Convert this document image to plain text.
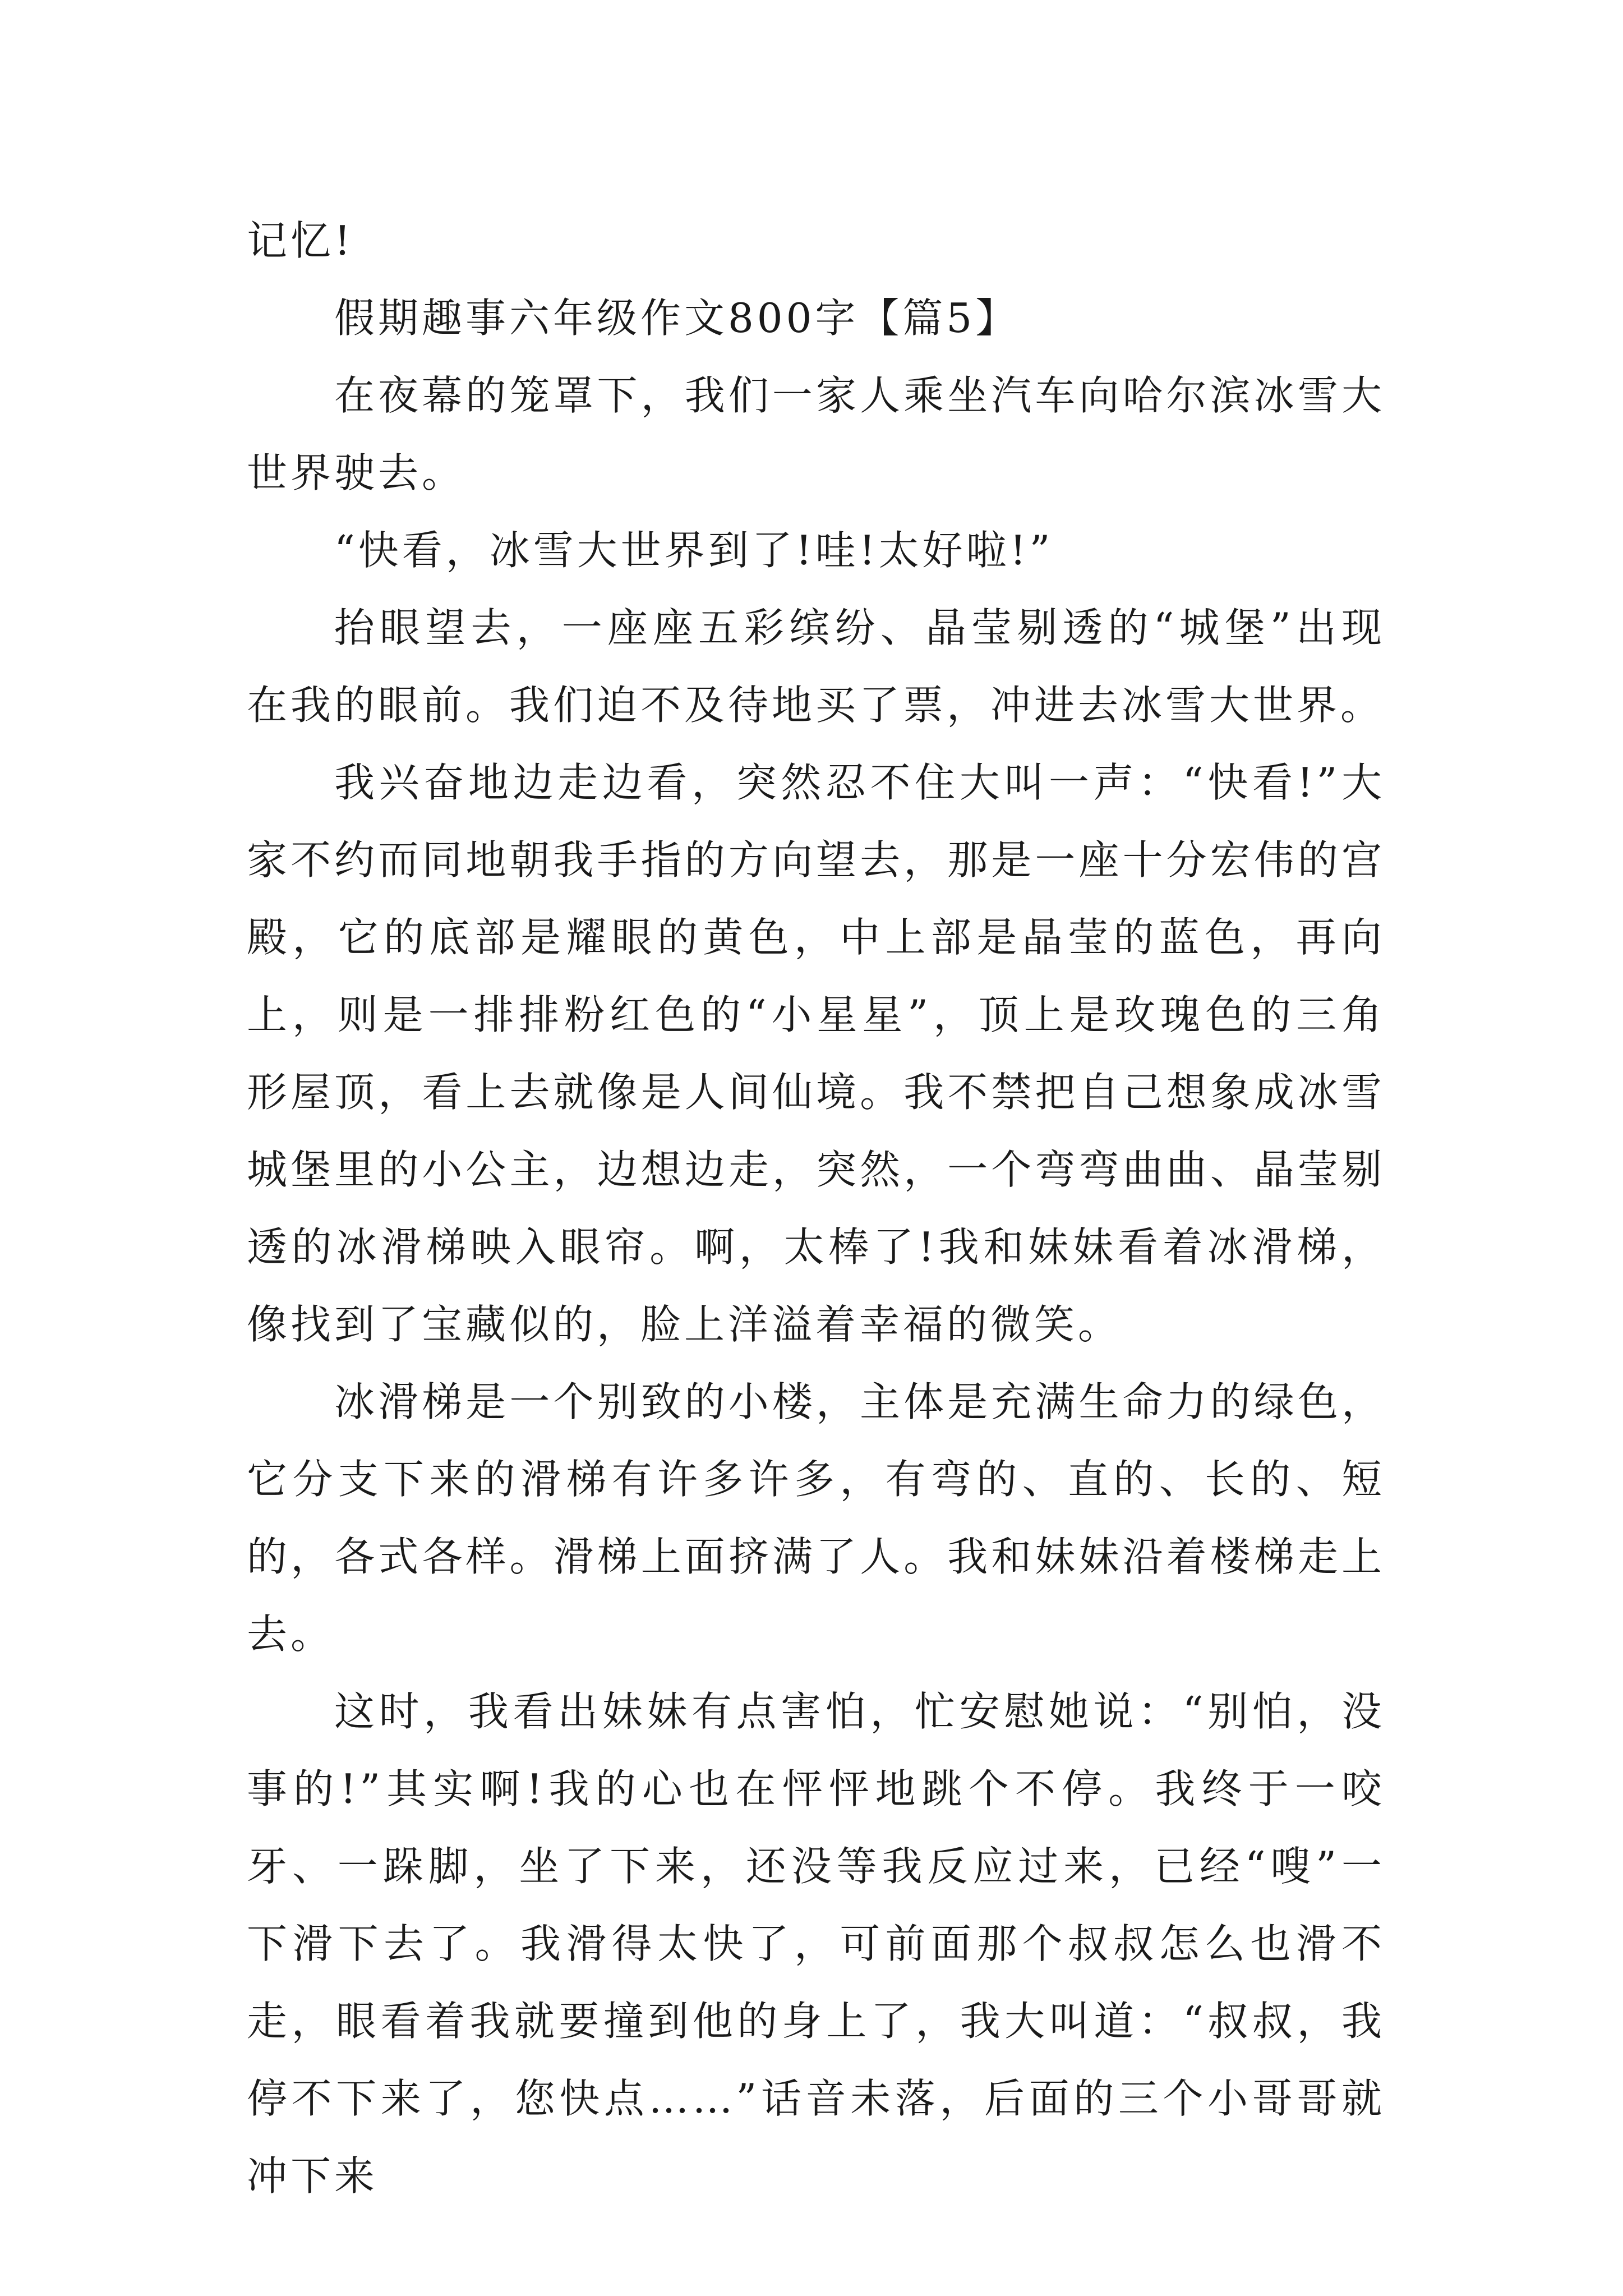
记忆!

假期趣事六年级作文800字【篇5】

在夜幕的笼罩下，我们一家人乘坐汽车向哈尔滨冰雪大世界驶去。

“快看，冰雪大世界到了!哇!太好啦!”

抬眼望去，一座座五彩缤纷、晶莹剔透的“城堡”出现在我的眼前。我们迫不及待地买了票，冲进去冰雪大世界。

我兴奋地边走边看，突然忍不住大叫一声：“快看!”大家不约而同地朝我手指的方向望去，那是一座十分宏伟的宫殿，它的底部是耀眼的黄色，中上部是晶莹的蓝色，再向上，则是一排排粉红色的“小星星”，顶上是玫瑰色的三角形屋顶，看上去就像是人间仙境。我不禁把自己想象成冰雪城堡里的小公主，边想边走，突然，一个弯弯曲曲、晶莹剔透的冰滑梯映入眼帘。啊，太棒了!我和妹妹看着冰滑梯，像找到了宝藏似的，脸上洋溢着幸福的微笑。

冰滑梯是一个别致的小楼，主体是充满生命力的绿色，它分支下来的滑梯有许多许多，有弯的、直的、长的、短的，各式各样。滑梯上面挤满了人。我和妹妹沿着楼梯走上去。

这时，我看出妹妹有点害怕，忙安慰她说：“别怕，没事的!”其实啊!我的心也在怦怦地跳个不停。我终于一咬牙、一跺脚，坐了下来，还没等我反应过来，已经“嗖”一下滑下去了。我滑得太快了，可前面那个叔叔怎么也滑不走，眼看着我就要撞到他的身上了，我大叫道：“叔叔，我停不下来了，您快点……”话音未落，后面的三个小哥哥就冲下来
